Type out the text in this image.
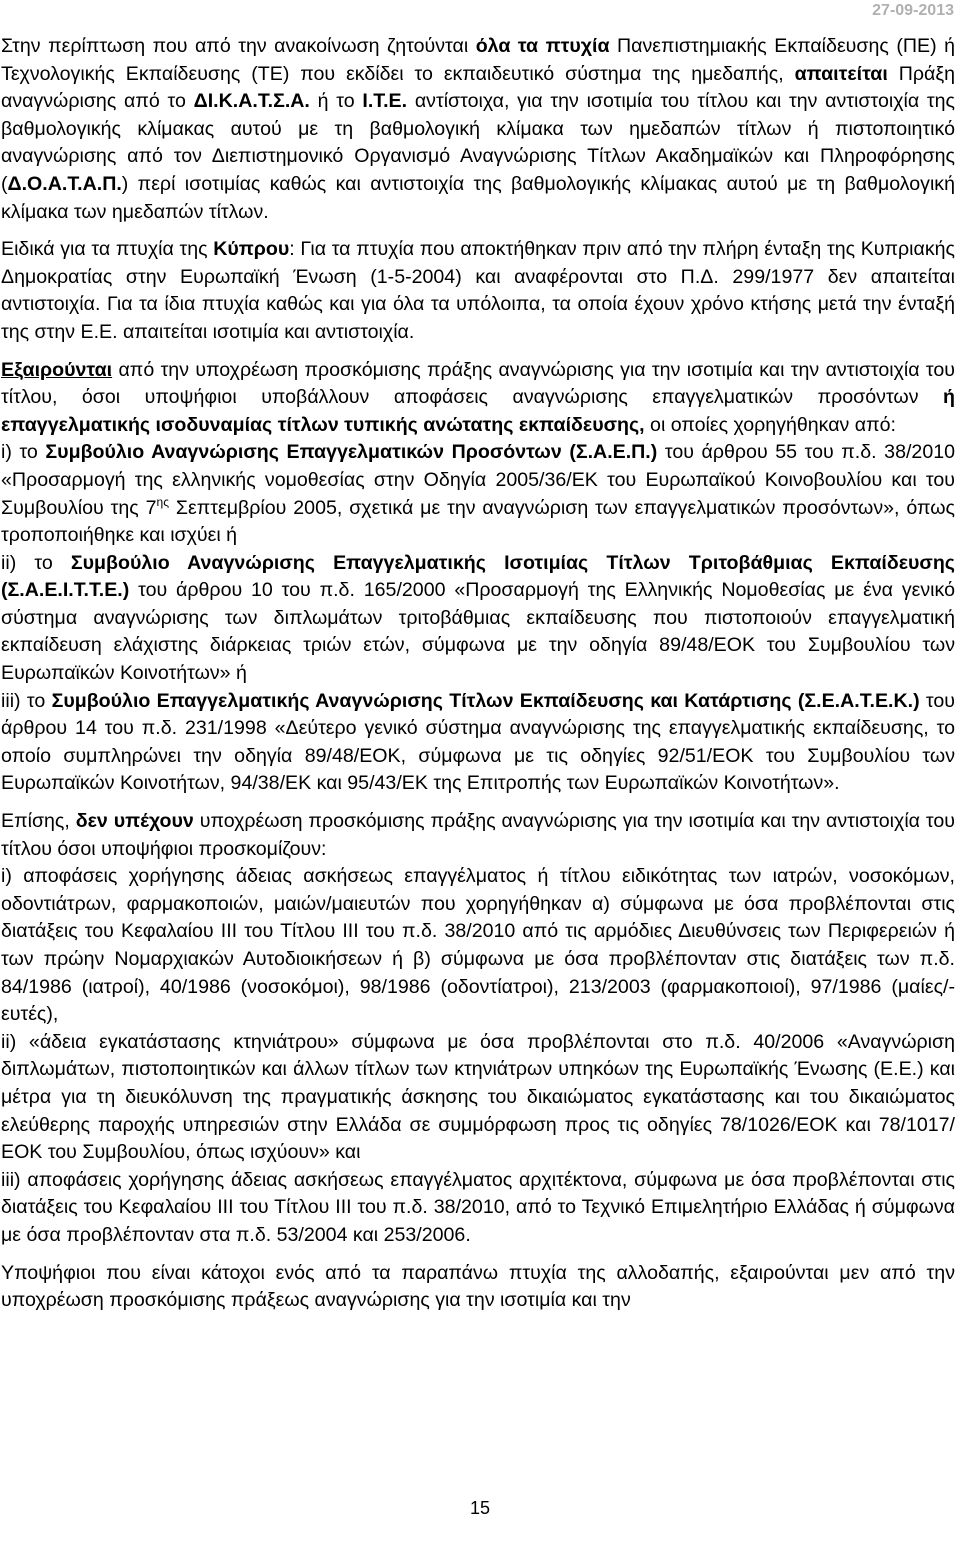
27-09-2013

Στην περίπτωση που από την ανακοίνωση ζητούνται όλα τα πτυχία Πανεπιστημιακής Εκπαίδευσης (ΠΕ) ή Τεχνολογικής Εκπαίδευσης (ΤΕ) που εκδίδει το εκπαιδευτικό σύστημα της ημεδαπής, απαιτείται Πράξη αναγνώρισης από το ΔΙ.Κ.Α.Τ.Σ.Α. ή το Ι.Τ.Ε. αντίστοιχα, για την ισοτιμία του τίτλου και την αντιστοιχία της βαθμολογικής κλίμακας αυτού με τη βαθμολογική κλίμακα των ημεδαπών τίτλων ή πιστοποιητικό αναγνώρισης από τον Διεπιστημονικό Οργανισμό Αναγνώρισης Τίτλων Ακαδημαϊκών και Πληροφόρησης (Δ.Ο.Α.Τ.Α.Π.) περί ισοτιμίας καθώς και αντιστοιχία της βαθμολογικής κλίμακας αυτού με τη βαθμολογική κλίμακα των ημεδαπών τίτλων.

Ειδικά για τα πτυχία της Κύπρου: Για τα πτυχία που αποκτήθηκαν πριν από την πλήρη ένταξη της Κυπριακής Δημοκρατίας στην Ευρωπαϊκή Ένωση (1-5-2004) και αναφέρονται στο Π.Δ. 299/1977 δεν απαιτείται αντιστοιχία. Για τα ίδια πτυχία καθώς και για όλα τα υπόλοιπα, τα οποία έχουν χρόνο κτήσης μετά την ένταξή της στην Ε.Ε. απαιτείται ισοτιμία και αντιστοιχία.

Εξαιρούνται από την υποχρέωση προσκόμισης πράξης αναγνώρισης για την ισοτιμία και την αντιστοιχία του τίτλου, όσοι υποψήφιοι υποβάλλουν αποφάσεις αναγνώρισης επαγγελματικών προσόντων ή επαγγελματικής ισοδυναμίας τίτλων τυπικής ανώτατης εκπαίδευσης, οι οποίες χορηγήθηκαν από:

i) το Συμβούλιο Αναγνώρισης Επαγγελματικών Προσόντων (Σ.Α.Ε.Π.) του άρθρου 55 του π.δ. 38/2010 «Προσαρμογή της ελληνικής νομοθεσίας στην Οδηγία 2005/36/ΕΚ του Ευρωπαϊκού Κοινοβουλίου και του Συμβουλίου της $7^{\eta\varsigma}$ Σεπτεμβρίου 2005, σχετικά με την αναγνώριση των επαγγελματικών προσόντων», όπως τροποποιήθηκε και ισχύει ή

ii) το Συμβούλιο Αναγνώρισης Επαγγελματικής Ισοτιμίας Τίτλων Τριτοβάθμιας Εκπαίδευσης (Σ.Α.Ε.Ι.Τ.Τ.Ε.) του άρθρου 10 του π.δ. 165/2000 «Προσαρμογή της Ελληνικής Νομοθεσίας με ένα γενικό σύστημα αναγνώρισης των διπλωμάτων τριτοβάθμιας εκπαίδευσης που πιστοποιούν επαγγελματική εκπαίδευση ελάχιστης διάρκειας τριών ετών, σύμφωνα με την οδηγία 89/48/ΕΟΚ του Συμβουλίου των Ευρωπαϊκών Κοινοτήτων» ή

iii) το Συμβούλιο Επαγγελματικής Αναγνώρισης Τίτλων Εκπαίδευσης και Κατάρτισης (Σ.Ε.Α.Τ.Ε.Κ.) του άρθρου 14 του π.δ. 231/1998 «Δεύτερο γενικό σύστημα αναγνώρισης της επαγγελματικής εκπαίδευσης, το οποίο συμπληρώνει την οδηγία 89/48/ΕΟΚ, σύμφωνα με τις οδηγίες 92/51/ΕΟΚ του Συμβουλίου των Ευρωπαϊκών Κοινοτήτων, 94/38/ΕΚ και 95/43/ΕΚ της Επιτροπής των Ευρωπαϊκών Κοινοτήτων».

Επίσης, δεν υπέχουν υποχρέωση προσκόμισης πράξης αναγνώρισης για την ισοτιμία και την αντιστοιχία του τίτλου όσοι υποψήφιοι προσκομίζουν:

i) αποφάσεις χορήγησης άδειας ασκήσεως επαγγέλματος ή τίτλου ειδικότητας των ιατρών, νοσοκόμων, οδοντιάτρων, φαρμακοποιών, μαιών/μαιευτών που χορηγήθηκαν α) σύμφωνα με όσα προβλέπονται στις διατάξεις του Κεφαλαίου ΙΙΙ του Τίτλου ΙΙΙ του π.δ. 38/2010 από τις αρμόδιες Διευθύνσεις των Περιφερειών ή των πρώην Νομαρχιακών Αυτοδιοικήσεων ή β) σύμφωνα με όσα προβλέπονταν στις διατάξεις των π.δ. 84/1986 (ιατροί), 40/1986 (νοσοκόμοι), 98/1986 (οδοντίατροι), 213/2003 (φαρμακοποιοί), 97/1986 (μαίες/-ευτές),

ii) «άδεια εγκατάστασης κτηνιάτρου» σύμφωνα με όσα προβλέπονται στο π.δ. 40/2006 «Αναγνώριση διπλωμάτων, πιστοποιητικών και άλλων τίτλων των κτηνιάτρων υπηκόων της Ευρωπαϊκής Ένωσης (Ε.Ε.) και μέτρα για τη διευκόλυνση της πραγματικής άσκησης του δικαιώματος εγκατάστασης και του δικαιώματος ελεύθερης παροχής υπηρεσιών στην Ελλάδα σε συμμόρφωση προς τις οδηγίες 78/1026/ΕΟΚ και 78/1017/ΕΟΚ του Συμβουλίου, όπως ισχύουν» και

iii) αποφάσεις χορήγησης άδειας ασκήσεως επαγγέλματος αρχιτέκτονα, σύμφωνα με όσα προβλέπονται στις διατάξεις του Κεφαλαίου ΙΙΙ του Τίτλου ΙΙΙ του π.δ. 38/2010, από το Τεχνικό Επιμελητήριο Ελλάδας ή σύμφωνα με όσα προβλέπονταν στα π.δ. 53/2004 και 253/2006.

Υποψήφιοι που είναι κάτοχοι ενός από τα παραπάνω πτυχία της αλλοδαπής, εξαιρούνται μεν από την υποχρέωση προσκόμισης πράξεως αναγνώρισης για την ισοτιμία και την

15
